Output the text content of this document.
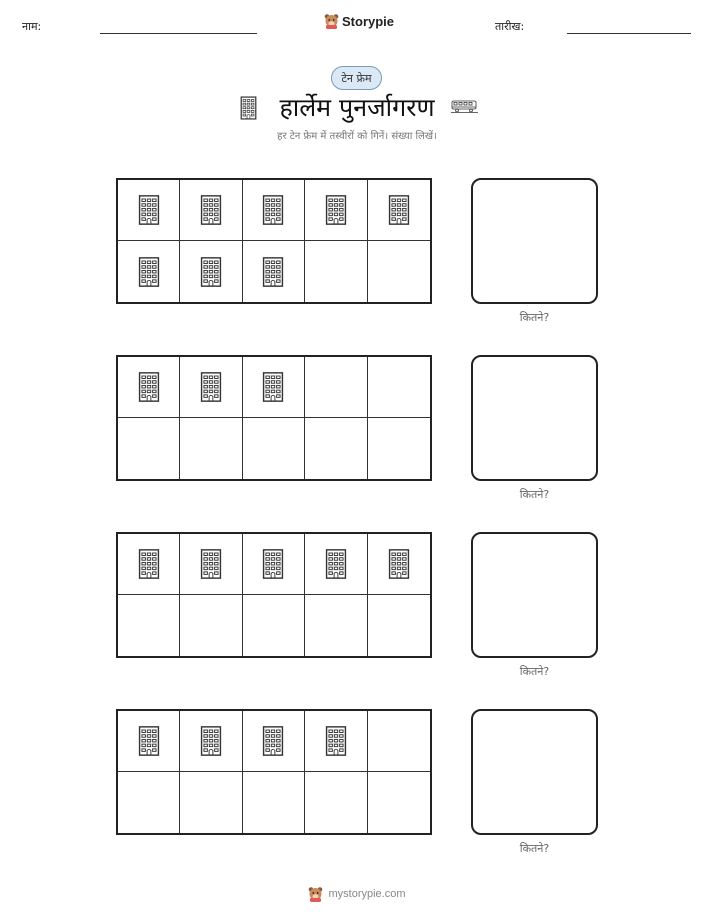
नाम:	Storypie	तारीख:
टेन फ्रेम
हार्लेम पुनर्जागरण
हर टेन फ्रेम में तस्वीरों को गिनें। संख्या लिखें।
कितने?
कितने?
कितने?
कितने?
mystorypie.com
